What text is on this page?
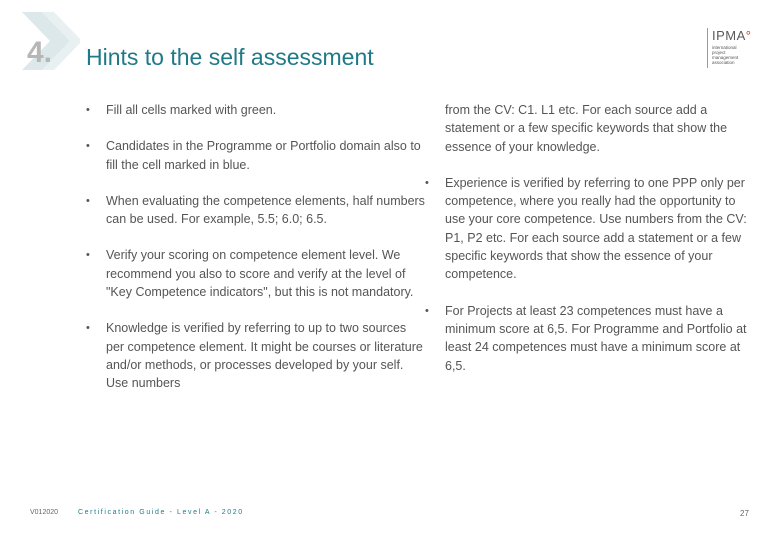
4. Hints to the self assessment
IPMA°
international
project
management
association
• Fill all cells marked with green.
• Candidates in the Programme or Portfolio domain also to fill the cell marked in blue.
• When evaluating the competence elements, half numbers can be used. For example, 5.5; 6.0; 6.5.
• Verify your scoring on competence element level. We recommend you also to score and verify at the level of "Key Competence indicators", but this is not mandatory.
• Knowledge is verified by referring to up to two sources per competence element. It might be courses or literature and/or methods, or processes developed by your self. Use numbers
from the CV: C1. L1 etc. For each source add a statement or a few specific keywords that show the essence of your knowledge.
• Experience is verified by referring to one PPP only per competence, where you really had the opportunity to use your core competence. Use numbers from the CV: P1, P2 etc. For each source add a statement or a few specific keywords that show the essence of your competence.
• For Projects at least 23 competences must have a minimum score at 6,5. For Programme and Portfolio at least 24 competences must have a minimum score at 6,5.
V012020	Certification Guide - Level A - 2020	27
